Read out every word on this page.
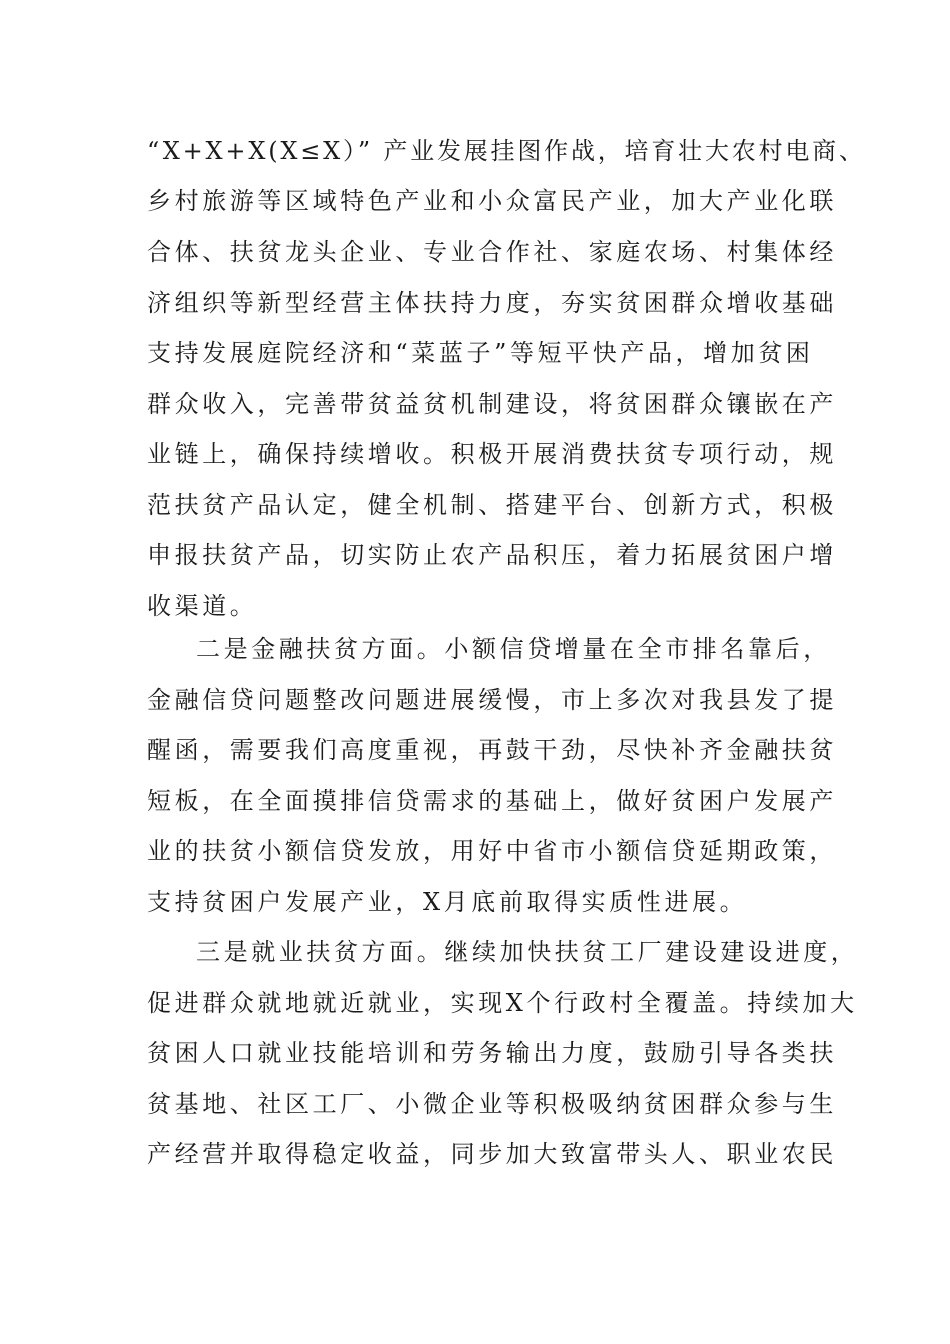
“X+X+X(X≤X）” 产业发展挂图作战，培育壮大农村电商、
乡村旅游等区域特色产业和小众富民产业，加大产业化联
合体、扶贫龙头企业、专业合作社、家庭农场、村集体经
济组织等新型经营主体扶持力度，夯实贫困群众增收基础
支持发展庭院经济和“菜蓝子”等短平快产品，增加贫困
群众收入，完善带贫益贫机制建设，将贫困群众镶嵌在产
业链上，确保持续增收。积极开展消费扶贫专项行动，规
范扶贫产品认定，健全机制、搭建平台、创新方式，积极
申报扶贫产品，切实防止农产品积压，着力拓展贫困户增
收渠道。
二是金融扶贫方面。小额信贷增量在全市排名靠后，
金融信贷问题整改问题进展缓慢，市上多次对我县发了提
醒函，需要我们高度重视，再鼓干劲，尽快补齐金融扶贫
短板，在全面摸排信贷需求的基础上，做好贫困户发展产
业的扶贫小额信贷发放，用好中省市小额信贷延期政策，
支持贫困户发展产业，X月底前取得实质性进展。
三是就业扶贫方面。继续加快扶贫工厂建设建设进度，
促进群众就地就近就业，实现X个行政村全覆盖。持续加大
贫困人口就业技能培训和劳务输出力度，鼓励引导各类扶
贫基地、社区工厂、小微企业等积极吸纳贫困群众参与生
产经营并取得稳定收益，同步加大致富带头人、职业农民
